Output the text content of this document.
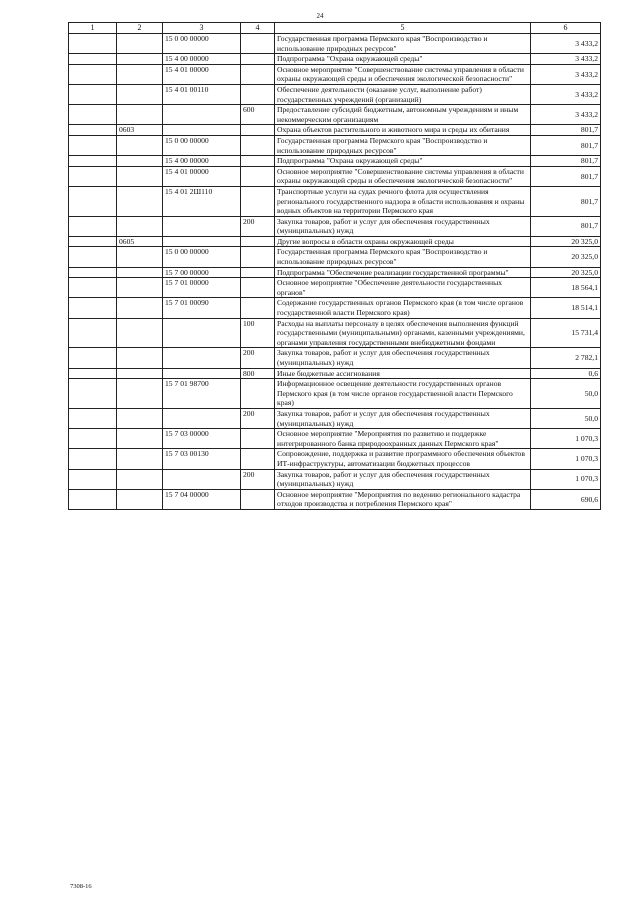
24
1	2	3	4	5	6
		15 0 00 00000		Государственная программа Пермского края "Воспроизводство и использование природных ресурсов"	3 433,2
		15 4 00 00000		Подпрограмма "Охрана окружающей среды"	3 433,2
		15 4 01 00000		Основное мероприятие "Совершенствование системы управления в области охраны окружающей среды и обеспечения экологической безопасности"	3 433,2
		15 4 01 00110		Обеспечение деятельности (оказание услуг, выполнение работ) государственных учреждений (организаций)	3 433,2
			600	Предоставление субсидий бюджетным, автономным учреждениям и иным некоммерческим организациям	3 433,2
	0603			Охрана объектов растительного и животного мира и среды их обитания	801,7
		15 0 00 00000		Государственная программа Пермского края "Воспроизводство и использование природных ресурсов"	801,7
		15 4 00 00000		Подпрограмма "Охрана окружающей среды"	801,7
		15 4 01 00000		Основное мероприятие "Совершенствование системы управления в области охраны окружающей среды и обеспечения экологической безопасности"	801,7
		15 4 01 2Ш110		Транспортные услуги на судах речного флота для осуществления регионального государственного надзора в области использования и охраны водных объектов на территории Пермского края	801,7
			200	Закупка товаров, работ и услуг для обеспечения государственных (муниципальных) нужд	801,7
	0605			Другие вопросы в области охраны окружающей среды	20 325,0
		15 0 00 00000		Государственная программа Пермского края "Воспроизводство и использование природных ресурсов"	20 325,0
		15 7 00 00000		Подпрограмма "Обеспечение реализации государственной программы"	20 325,0
		15 7 01 00000		Основное мероприятие "Обеспечение деятельности государственных органов"	18 564,1
		15 7 01 00090		Содержание государственных органов Пермского края (в том числе органов государственной власти Пермского края)	18 514,1
			100	Расходы на выплаты персоналу в целях обеспечения выполнения функций государственными (муниципальными) органами, казенными учреждениями, органами управления государственными внебюджетными фондами	15 731,4
			200	Закупка товаров, работ и услуг для обеспечения государственных (муниципальных) нужд	2 782,1
			800	Иные бюджетные ассигнования	0,6
		15 7 01 98700		Информационное освещение деятельности государственных органов Пермского края (в том числе органов государственной власти Пермского края)	50,0
			200	Закупка товаров, работ и услуг для обеспечения государственных (муниципальных) нужд	50,0
		15 7 03 00000		Основное мероприятие "Мероприятия по развитию и поддержке интегрированного банка природоохранных данных Пермского края"	1 070,3
		15 7 03 00130		Сопровождение, поддержка и развитие программного обеспечения объектов ИТ-инфраструктуры, автоматизации бюджетных процессов	1 070,3
			200	Закупка товаров, работ и услуг для обеспечения государственных (муниципальных) нужд	1 070,3
		15 7 04 00000		Основное мероприятие "Мероприятия по ведению регионального кадастра отходов производства и потребления Пермского края"	690,6
7308-16
